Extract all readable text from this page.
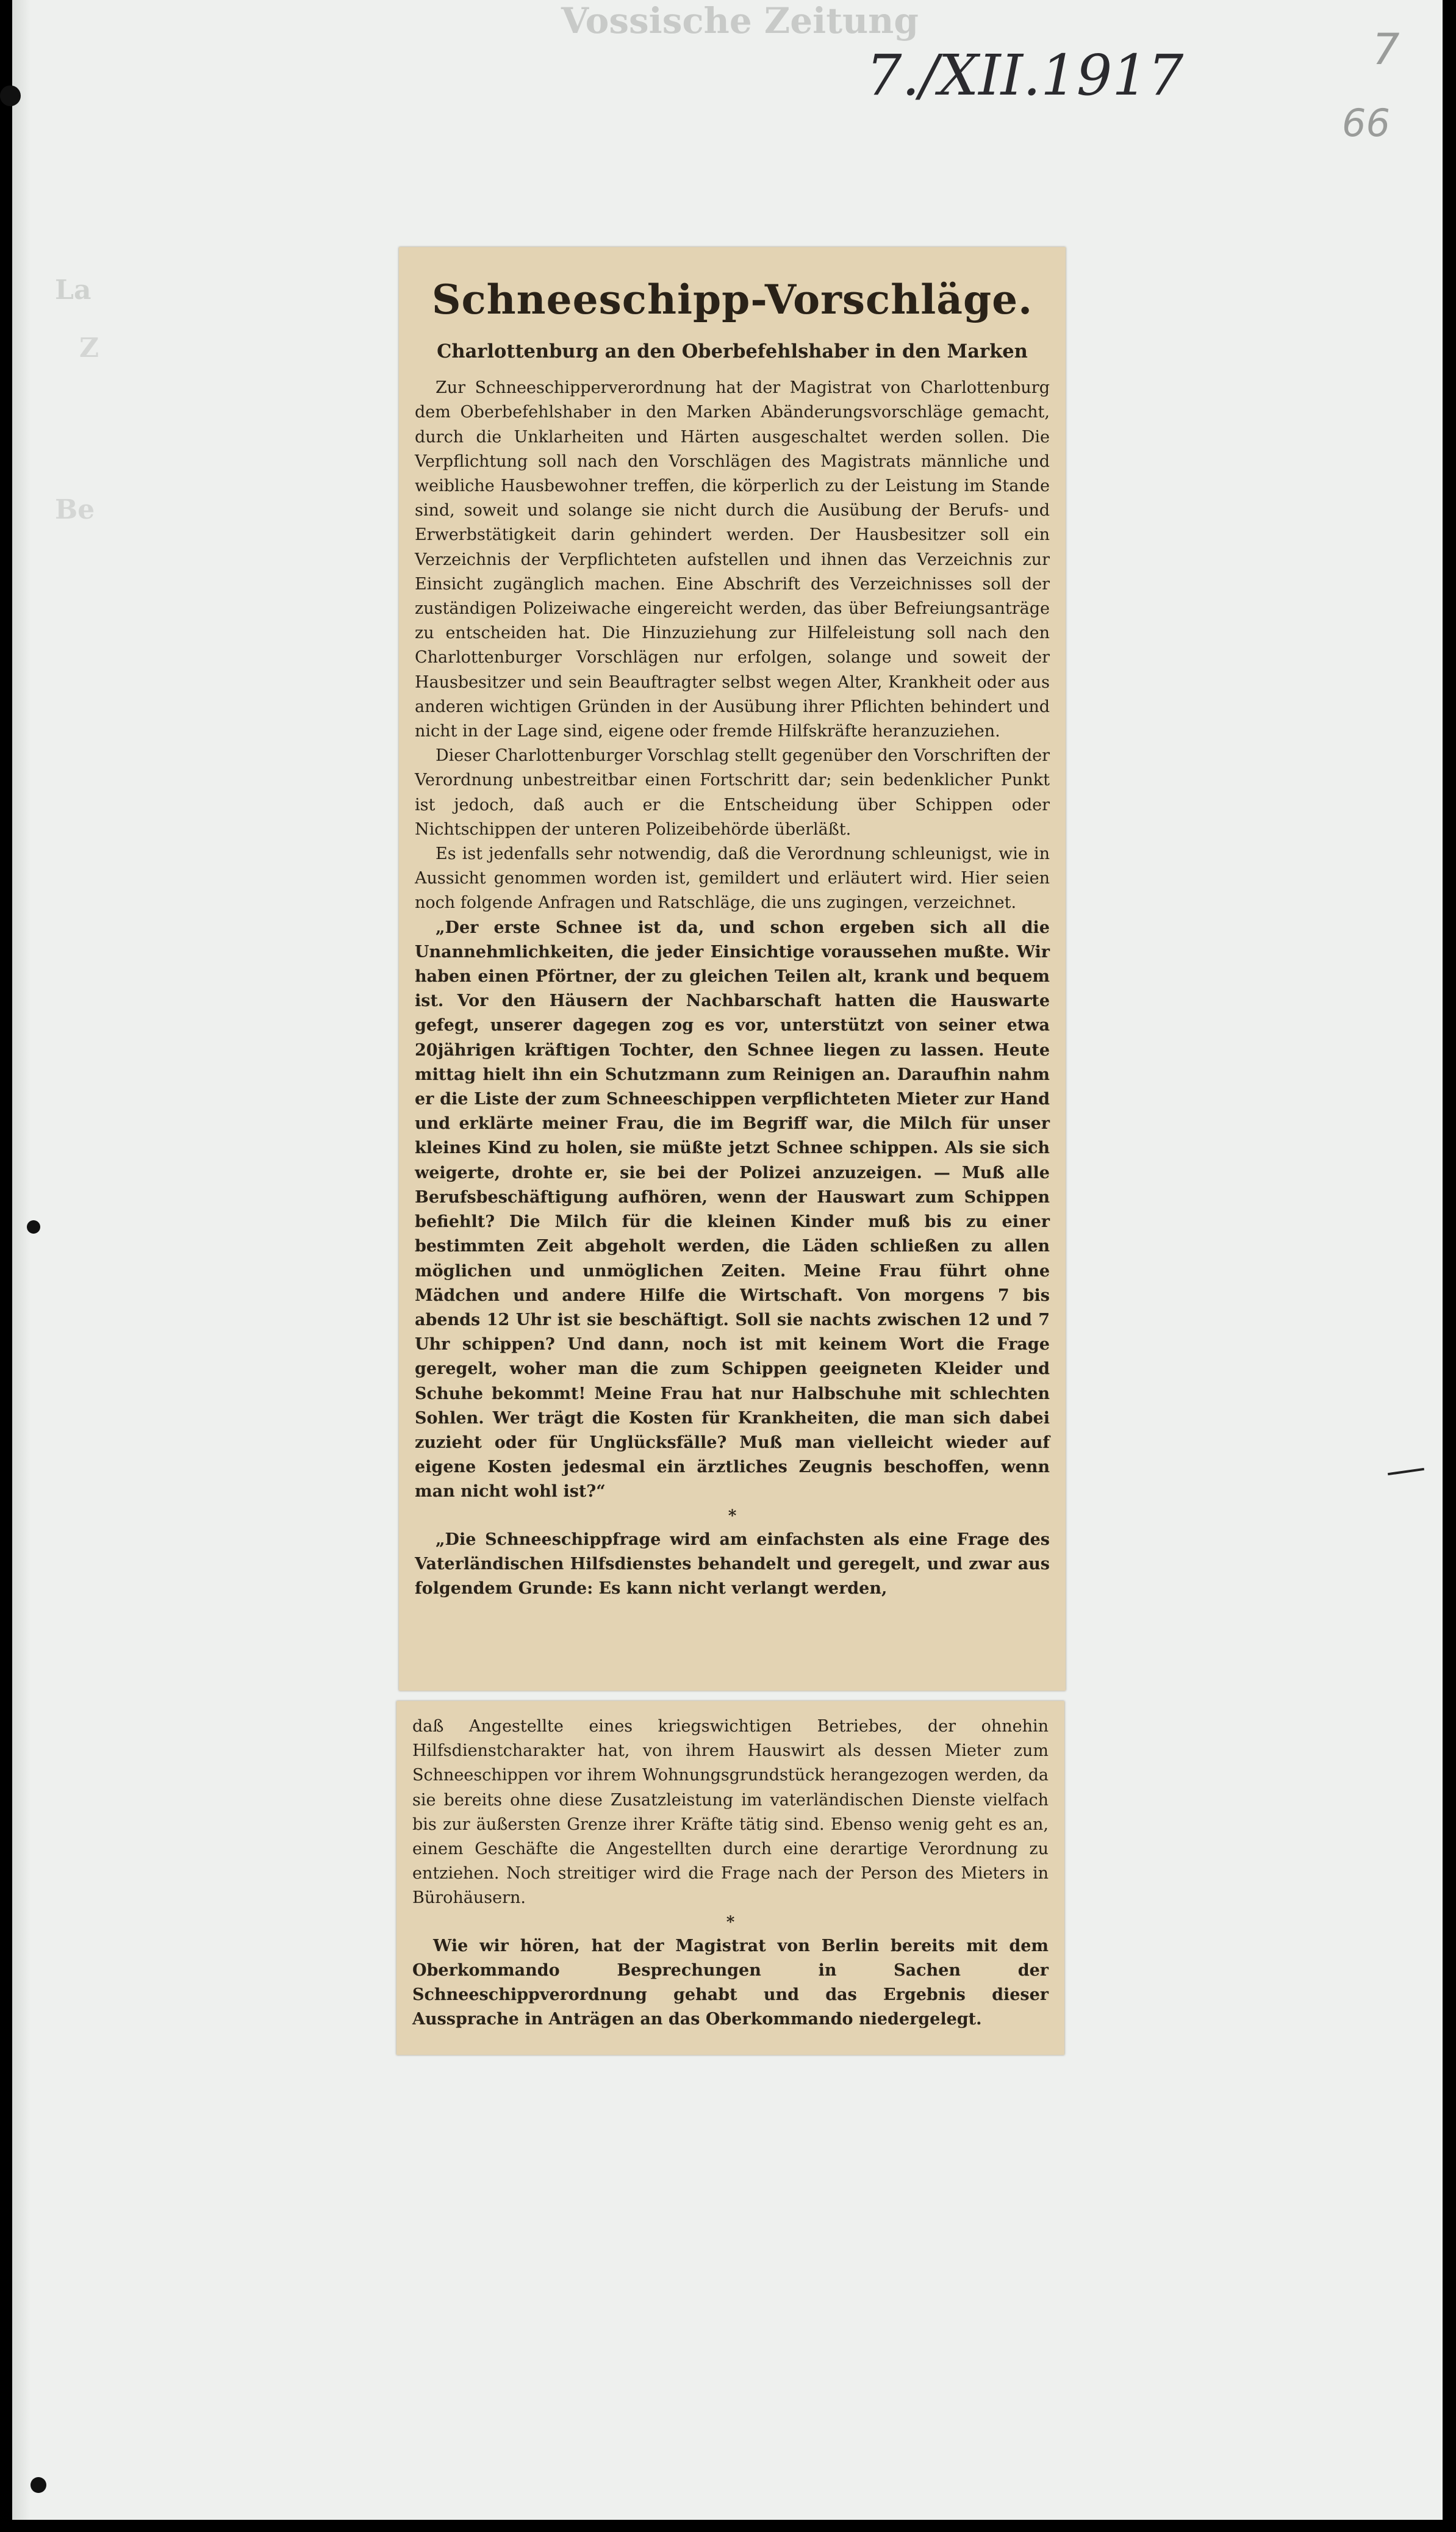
Vossische Zeitung
7./XII.1917	7
66
La
Z
Be
Schneeschipp-Vorschläge.
Charlottenburg an den Oberbefehlshaber in den Marken

Zur Schneeschipperverordnung hat der Magistrat von Charlottenburg dem Oberbefehlshaber in den Marken Abänderungsvorschläge gemacht, durch die Unklarheiten und Härten ausgeschaltet werden sollen. Die Verpflichtung soll nach den Vorschlägen des Magistrats männliche und weibliche Hausbewohner treffen, die körperlich zu der Leistung im Stande sind, soweit und solange sie nicht durch die Ausübung der Berufs- und Erwerbstätigkeit darin gehindert werden. Der Hausbesitzer soll ein Verzeichnis der Verpflichteten aufstellen und ihnen das Verzeichnis zur Einsicht zugänglich machen. Eine Abschrift des Verzeichnisses soll der zuständigen Polizeiwache eingereicht werden, das über Befreiungsanträge zu entscheiden hat. Die Hinzuziehung zur Hilfeleistung soll nach den Charlottenburger Vorschlägen nur erfolgen, solange und soweit der Hausbesitzer und sein Beauftragter selbst wegen Alter, Krankheit oder aus anderen wichtigen Gründen in der Ausübung ihrer Pflichten behindert und nicht in der Lage sind, eigene oder fremde Hilfskräfte heranzuziehen.

Dieser Charlottenburger Vorschlag stellt gegenüber den Vorschriften der Verordnung unbestreitbar einen Fortschritt dar; sein bedenklicher Punkt ist jedoch, daß auch er die Entscheidung über Schippen oder Nichtschippen der unteren Polizeibehörde überläßt.

Es ist jedenfalls sehr notwendig, daß die Verordnung schleunigst, wie in Aussicht genommen worden ist, gemildert und erläutert wird. Hier seien noch folgende Anfragen und Ratschläge, die uns zugingen, verzeichnet.

„Der erste Schnee ist da, und schon ergeben sich all die Unannehmlichkeiten, die jeder Einsichtige voraussehen mußte. Wir haben einen Pförtner, der zu gleichen Teilen alt, krank und bequem ist. Vor den Häusern der Nachbarschaft hatten die Hauswarte gefegt, unserer dagegen zog es vor, unterstützt von seiner etwa 20jährigen kräftigen Tochter, den Schnee liegen zu lassen. Heute mittag hielt ihn ein Schutzmann zum Reinigen an. Daraufhin nahm er die Liste der zum Schneeschippen verpflichteten Mieter zur Hand und erklärte meiner Frau, die im Begriff war, die Milch für unser kleines Kind zu holen, sie müßte jetzt Schnee schippen. Als sie sich weigerte, drohte er, sie bei der Polizei anzuzeigen. — Muß alle Berufsbeschäftigung aufhören, wenn der Hauswart zum Schippen befiehlt? Die Milch für die kleinen Kinder muß bis zu einer bestimmten Zeit abgeholt werden, die Läden schließen zu allen möglichen und unmöglichen Zeiten. Meine Frau führt ohne Mädchen und andere Hilfe die Wirtschaft. Von morgens 7 bis abends 12 Uhr ist sie beschäftigt. Soll sie nachts zwischen 12 und 7 Uhr schippen? Und dann, noch ist mit keinem Wort die Frage geregelt, woher man die zum Schippen geeigneten Kleider und Schuhe bekommt! Meine Frau hat nur Halbschuhe mit schlechten Sohlen. Wer trägt die Kosten für Krankheiten, die man sich dabei zuzieht oder für Unglücksfälle? Muß man vielleicht wieder auf eigene Kosten jedesmal ein ärztliches Zeugnis beschoffen, wenn man nicht wohl ist?“

*

„Die Schneeschippfrage wird am einfachsten als eine Frage des Vaterländischen Hilfsdienstes behandelt und geregelt, und zwar aus folgendem Grunde: Es kann nicht verlangt werden,

daß Angestellte eines kriegswichtigen Betriebes, der ohnehin Hilfsdienstcharakter hat, von ihrem Hauswirt als dessen Mieter zum Schneeschippen vor ihrem Wohnungsgrundstück herangezogen werden, da sie bereits ohne diese Zusatzleistung im vaterländischen Dienste vielfach bis zur äußersten Grenze ihrer Kräfte tätig sind. Ebenso wenig geht es an, einem Geschäfte die Angestellten durch eine derartige Verordnung zu entziehen. Noch streitiger wird die Frage nach der Person des Mieters in Bürohäusern.

*

Wie wir hören, hat der Magistrat von Berlin bereits mit dem Oberkommando Besprechungen in Sachen der Schneeschippverordnung gehabt und das Ergebnis dieser Aussprache in Anträgen an das Oberkommando niedergelegt.
